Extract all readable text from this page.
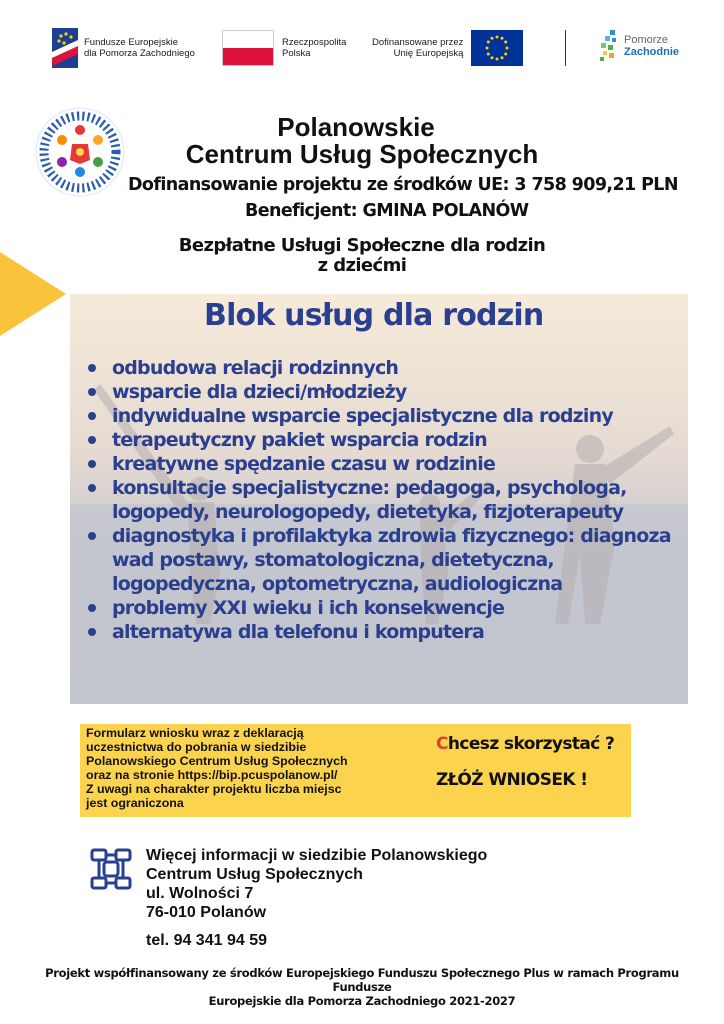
Fundusze Europejskie
dla Pomorza Zachodniego
Rzeczpospolita
Polska
Dofinansowane przez
Unię Europejską
Pomorze
Zachodnie
Polanowskie
Centrum Usług Społecznych
Dofinansowanie projektu ze środków UE: 3 758 909,21 PLN
Beneficjent: GMINA POLANÓW
Bezpłatne Usługi Społeczne dla rodzin
z dziećmi
Blok usług dla rodzin
odbudowa relacji rodzinnych
wsparcie dla dzieci/młodzieży
indywidualne wsparcie specjalistyczne dla rodziny
terapeutyczny pakiet wsparcia rodzin
kreatywne spędzanie czasu w rodzinie
konsultacje specjalistyczne: pedagoga, psychologa, logopedy, neurologopedy, dietetyka, fizjoterapeuty
diagnostyka i profilaktyka zdrowia fizycznego: diagnoza wad postawy, stomatologiczna, dietetyczna, logopedyczna, optometryczna, audiologiczna
problemy XXI wieku i ich konsekwencje
alternatywa dla telefonu i komputera
Formularz wniosku wraz z deklaracją
uczestnictwa do pobrania w siedzibie
Polanowskiego Centrum Usług Społecznych
oraz na stronie https://bip.pcuspolanow.pl/
Z uwagi na charakter projektu liczba miejsc
jest ograniczona
Chcesz skorzystać ?
ZŁÓŻ WNIOSEK !
Więcej informacji w siedzibie Polanowskiego
Centrum Usług Społecznych
ul. Wolności 7
76-010 Polanów
tel. 94 341 94 59
Projekt współfinansowany ze środków Europejskiego Funduszu Społecznego Plus w ramach Programu Fundusze
Europejskie dla Pomorza Zachodniego 2021-2027
